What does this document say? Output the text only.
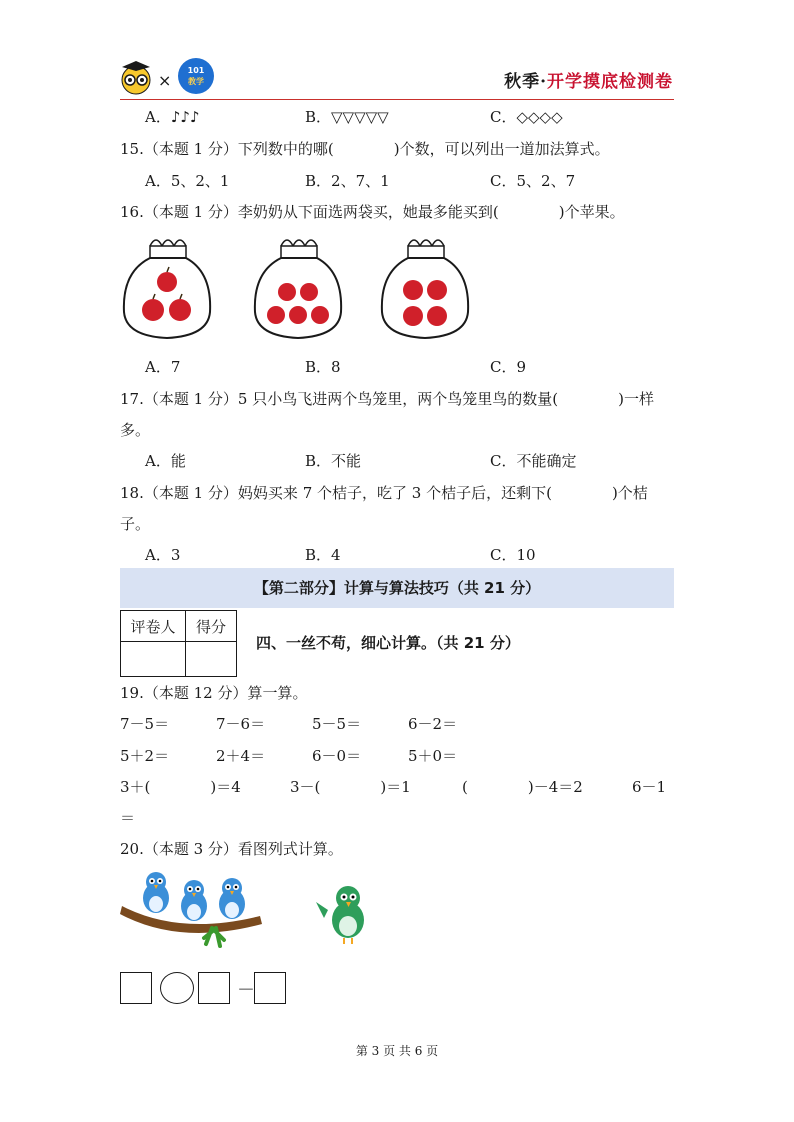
×
101
教学	秋季·开学摸底检测卷
A．♪♪♪	B．▽▽▽▽▽	C．◇◇◇◇
15.（本题 1 分）下列数中的哪(　　　　)个数，可以列出一道加法算式。
A．5、2、1	B．2、7、1	C．5、2、7
16.（本题 1 分）李奶奶从下面选两袋买，她最多能买到(　　　　)个苹果。
A．7	B．8	C．9
17.（本题 1 分）5 只小鸟飞进两个鸟笼里，两个鸟笼里鸟的数量(　　　　)一样
多。
A．能	B．不能	C．不能确定
18.（本题 1 分）妈妈买来 7 个桔子，吃了 3 个桔子后，还剩下(　　　　)个桔
子。
A．3	B．4	C．10
【第二部分】计算与算法技巧（共 21 分）
评卷人	得分

四、一丝不苟，细心计算。（共 21 分）
19.（本题 12 分）算一算。
7－5＝	7－6＝	5－5＝	6－2＝
5＋2＝	2＋4＝	6－0＝	5＋0＝
3＋(　　　　)＝4	3－(　　　　)＝1	(　　　　)－4＝2	6－1
＝
20.（本题 3 分）看图列式计算。
－
第 3 页 共 6 页
